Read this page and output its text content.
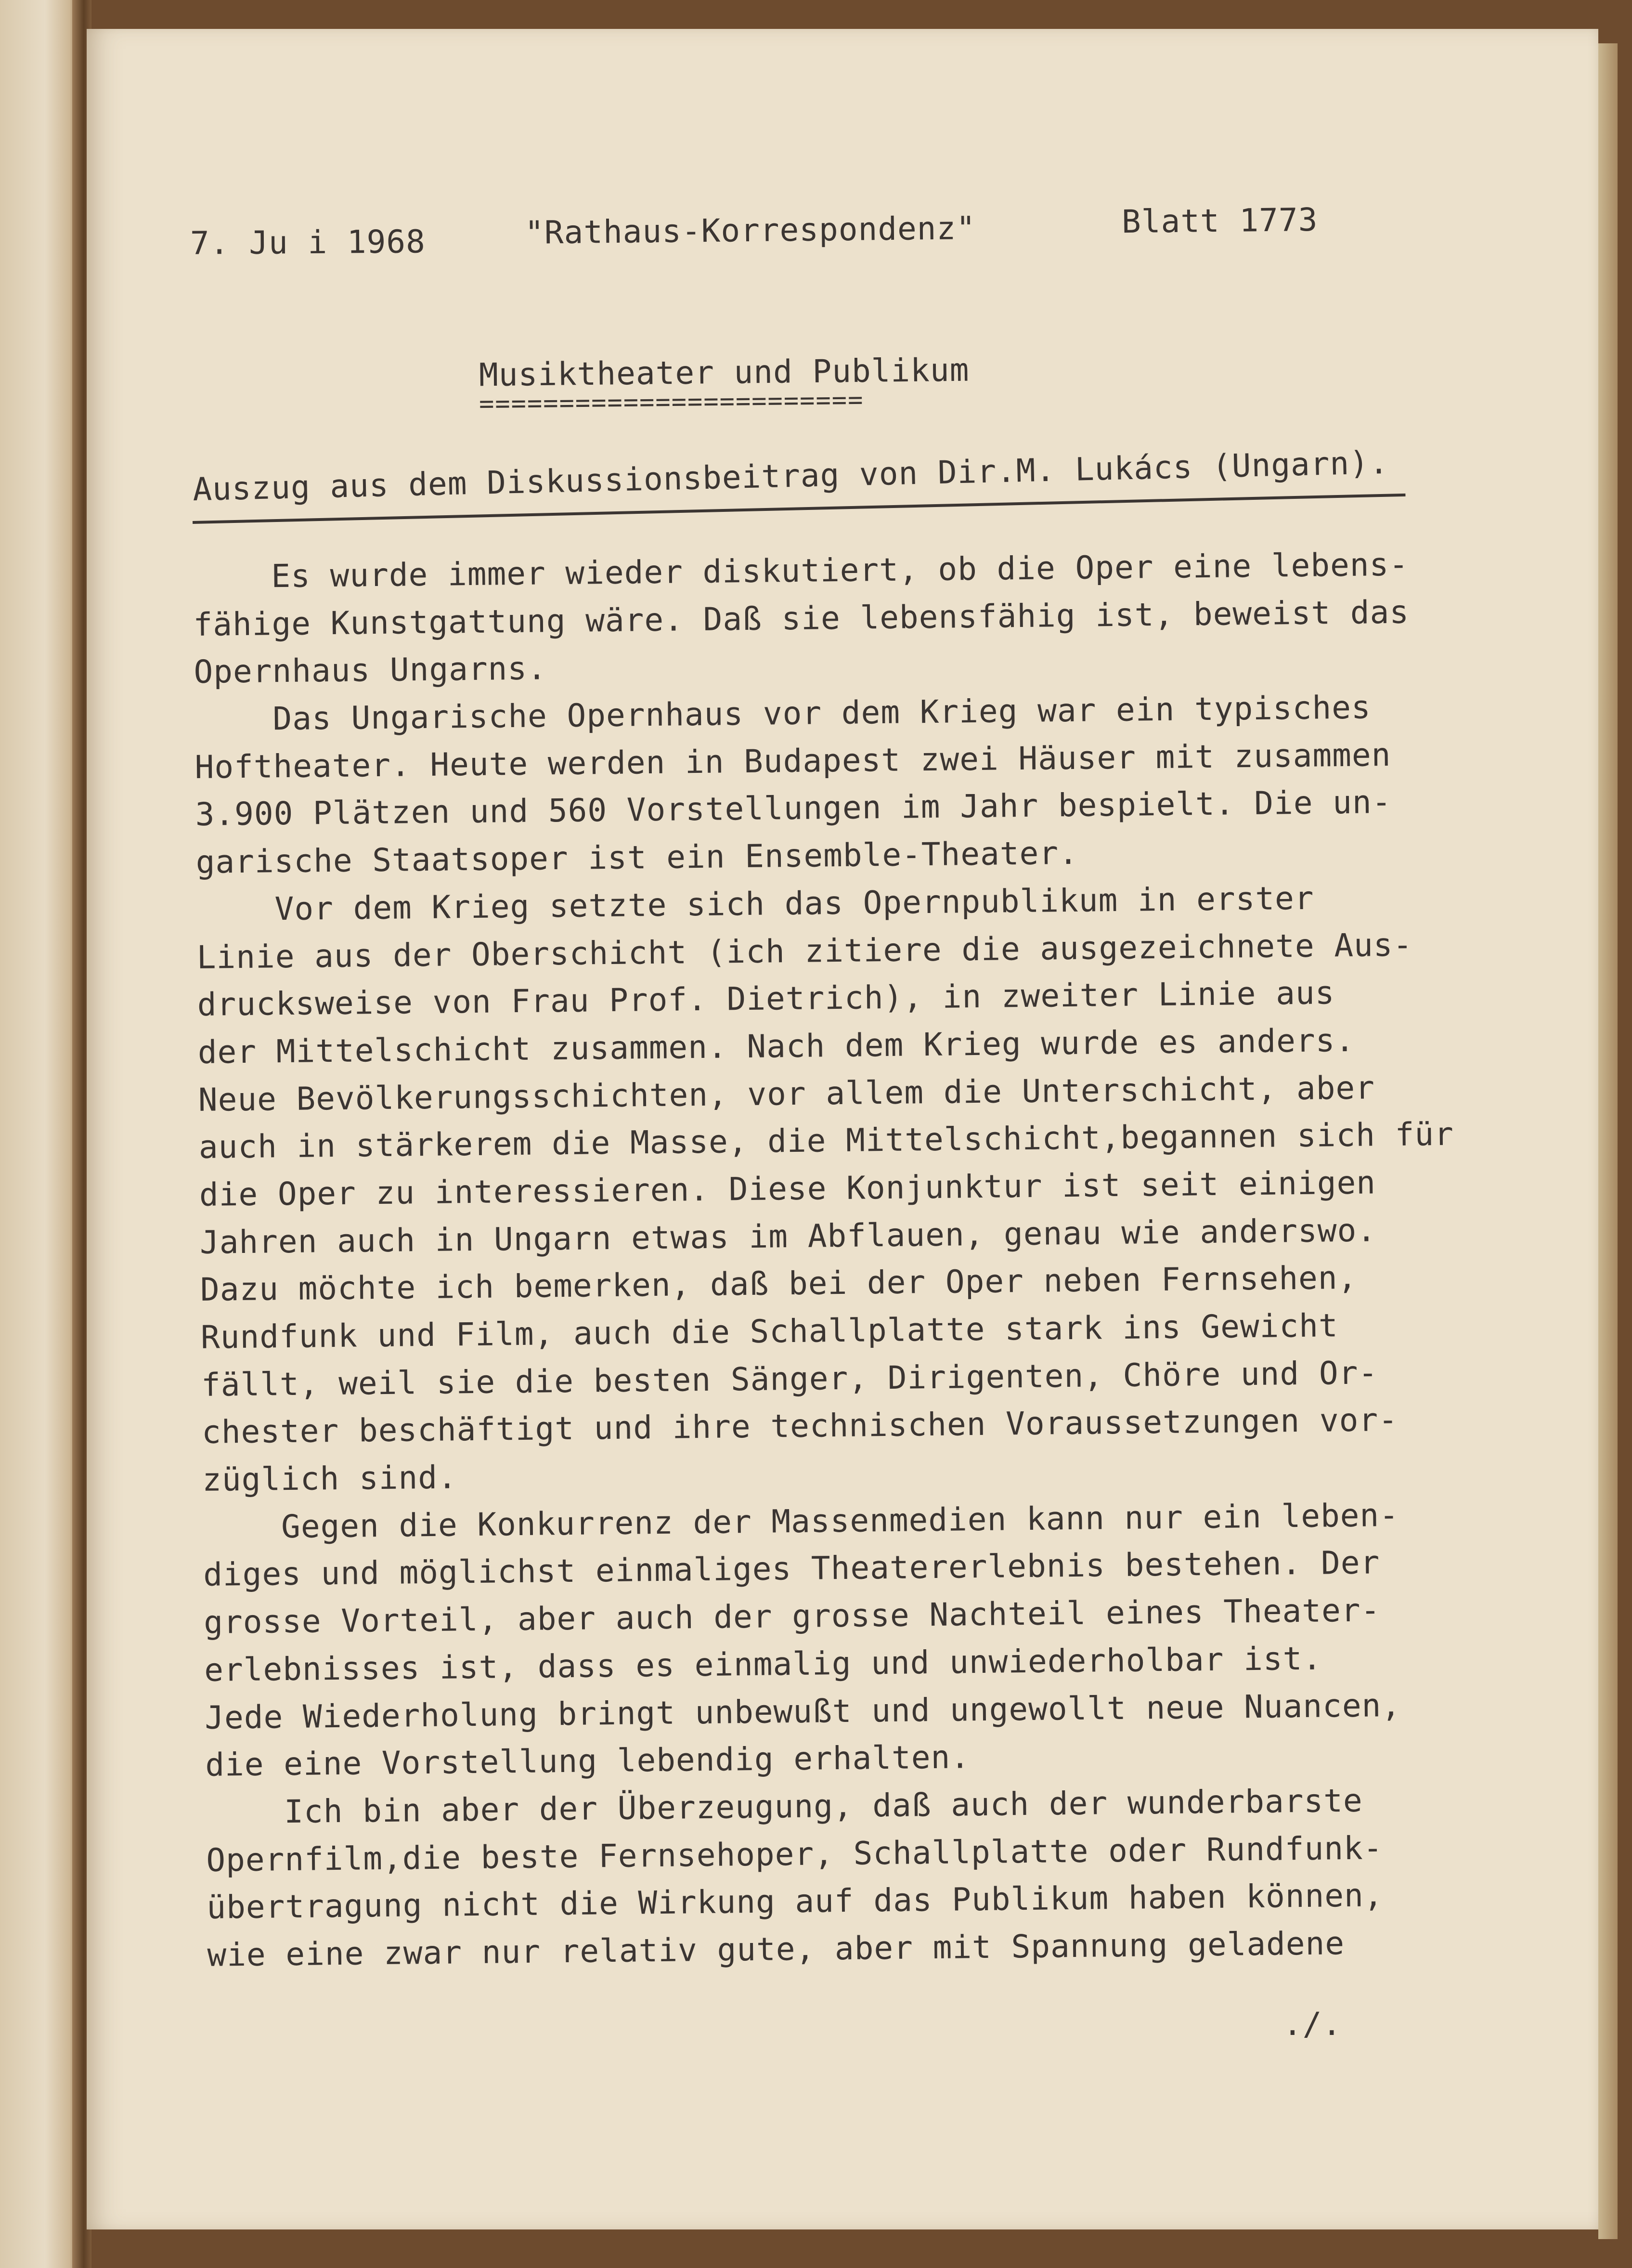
7. Ju i 1968	"Rathaus-Korrespondenz"	Blatt 1773
Musiktheater und Publikum
========================
Auszug aus dem Diskussionsbeitrag von Dir.M. Lukács (Ungarn).
Es wurde immer wieder diskutiert, ob die Oper eine lebens-
fähige Kunstgattung wäre. Daß sie lebensfähig ist, beweist das
Opernhaus Ungarns.
Das Ungarische Opernhaus vor dem Krieg war ein typisches
Hoftheater. Heute werden in Budapest zwei Häuser mit zusammen
3.900 Plätzen und 560 Vorstellungen im Jahr bespielt. Die un-
garische Staatsoper ist ein Ensemble-Theater.
Vor dem Krieg setzte sich das Opernpublikum in erster
Linie aus der Oberschicht (ich zitiere die ausgezeichnete Aus-
drucksweise von Frau Prof. Dietrich), in zweiter Linie aus
der Mittelschicht zusammen. Nach dem Krieg wurde es anders.
Neue Bevölkerungsschichten, vor allem die Unterschicht, aber
auch in stärkerem die Masse, die Mittelschicht,begannen sich für
die Oper zu interessieren. Diese Konjunktur ist seit einigen
Jahren auch in Ungarn etwas im Abflauen, genau wie anderswo.
Dazu möchte ich bemerken, daß bei der Oper neben Fernsehen,
Rundfunk und Film, auch die Schallplatte stark ins Gewicht
fällt, weil sie die besten Sänger, Dirigenten, Chöre und Or-
chester beschäftigt und ihre technischen Voraussetzungen vor-
züglich sind.
Gegen die Konkurrenz der Massenmedien kann nur ein leben-
diges und möglichst einmaliges Theatererlebnis bestehen. Der
grosse Vorteil, aber auch der grosse Nachteil eines Theater-
erlebnisses ist, dass es einmalig und unwiederholbar ist.
Jede Wiederholung bringt unbewußt und ungewollt neue Nuancen,
die eine Vorstellung lebendig erhalten.
Ich bin aber der Überzeugung, daß auch der wunderbarste
Opernfilm,die beste Fernsehoper, Schallplatte oder Rundfunk-
übertragung nicht die Wirkung auf das Publikum haben können,
wie eine zwar nur relativ gute, aber mit Spannung geladene
./.
